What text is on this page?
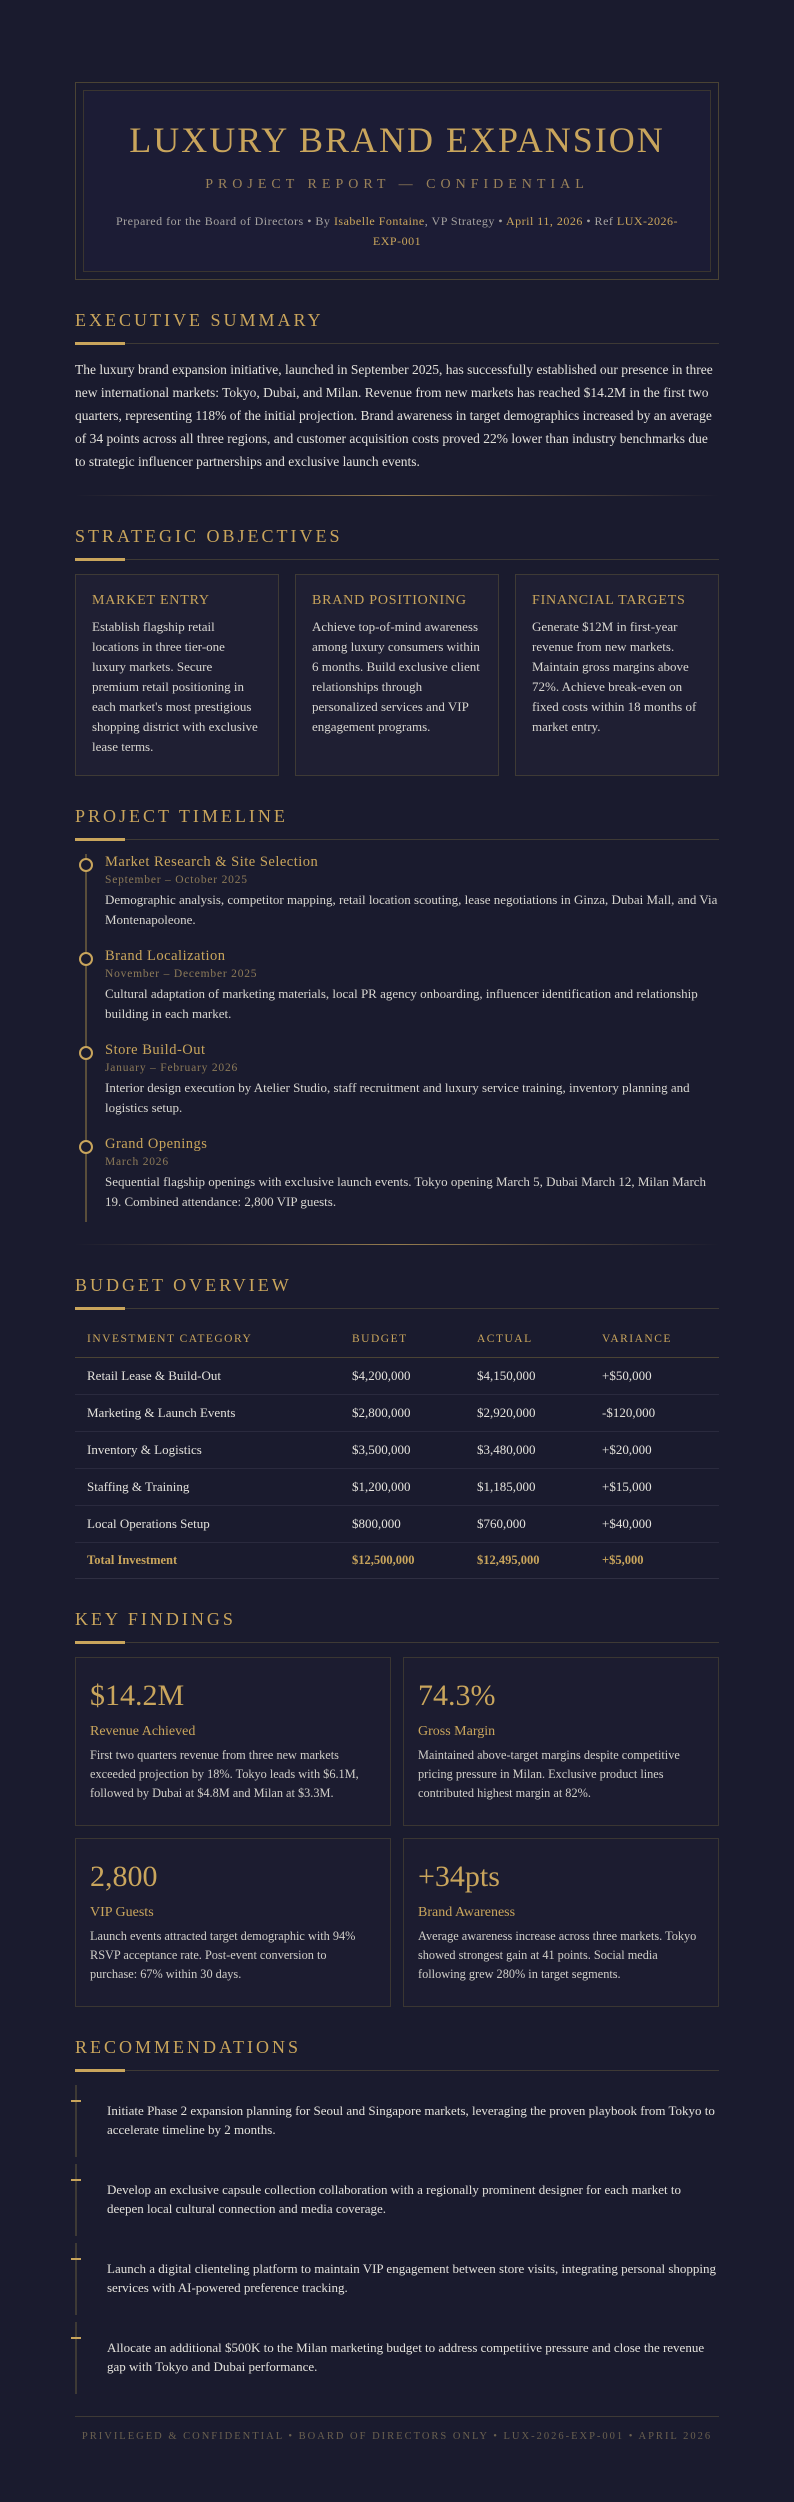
LUXURY BRAND EXPANSION
PROJECT REPORT — CONFIDENTIAL
Prepared for the Board of Directors • By Isabelle Fontaine, VP Strategy • April 11, 2026 • Ref LUX-2026-EXP-001
EXECUTIVE SUMMARY

The luxury brand expansion initiative, launched in September 2025, has successfully established our presence in three new international markets: Tokyo, Dubai, and Milan. Revenue from new markets has reached $14.2M in the first two quarters, representing 118% of the initial projection. Brand awareness in target demographics increased by an average of 34 points across all three regions, and customer acquisition costs proved 22% lower than industry benchmarks due to strategic influencer partnerships and exclusive launch events.

STRATEGIC OBJECTIVES
MARKET ENTRY
Establish flagship retail locations in three tier-one luxury markets. Secure premium retail positioning in each market's most prestigious shopping district with exclusive lease terms.
BRAND POSITIONING
Achieve top-of-mind awareness among luxury consumers within 6 months. Build exclusive client relationships through personalized services and VIP engagement programs.
FINANCIAL TARGETS
Generate $12M in first-year revenue from new markets. Maintain gross margins above 72%. Achieve break-even on fixed costs within 18 months of market entry.
PROJECT TIMELINE
Market Research & Site Selection
September – October 2025
Demographic analysis, competitor mapping, retail location scouting, lease negotiations in Ginza, Dubai Mall, and Via Montenapoleone.
Brand Localization
November – December 2025
Cultural adaptation of marketing materials, local PR agency onboarding, influencer identification and relationship building in each market.
Store Build-Out
January – February 2026
Interior design execution by Atelier Studio, staff recruitment and luxury service training, inventory planning and logistics setup.
Grand Openings
March 2026
Sequential flagship openings with exclusive launch events. Tokyo opening March 5, Dubai March 12, Milan March 19. Combined attendance: 2,800 VIP guests.
BUDGET OVERVIEW
INVESTMENT CATEGORY	BUDGET	ACTUAL	VARIANCE
Retail Lease & Build-Out	$4,200,000	$4,150,000	+$50,000
Marketing & Launch Events	$2,800,000	$2,920,000	-$120,000
Inventory & Logistics	$3,500,000	$3,480,000	+$20,000
Staffing & Training	$1,200,000	$1,185,000	+$15,000
Local Operations Setup	$800,000	$760,000	+$40,000
Total Investment	$12,500,000	$12,495,000	+$5,000
KEY FINDINGS
$14.2M
Revenue Achieved
First two quarters revenue from three new markets exceeded projection by 18%. Tokyo leads with $6.1M, followed by Dubai at $4.8M and Milan at $3.3M.
74.3%
Gross Margin
Maintained above-target margins despite competitive pricing pressure in Milan. Exclusive product lines contributed highest margin at 82%.
2,800
VIP Guests
Launch events attracted target demographic with 94% RSVP acceptance rate. Post-event conversion to purchase: 67% within 30 days.
+34pts
Brand Awareness
Average awareness increase across three markets. Tokyo showed strongest gain at 41 points. Social media following grew 280% in target segments.
RECOMMENDATIONS
Initiate Phase 2 expansion planning for Seoul and Singapore markets, leveraging the proven playbook from Tokyo to accelerate timeline by 2 months.
Develop an exclusive capsule collection collaboration with a regionally prominent designer for each market to deepen local cultural connection and media coverage.
Launch a digital clienteling platform to maintain VIP engagement between store visits, integrating personal shopping services with AI-powered preference tracking.
Allocate an additional $500K to the Milan marketing budget to address competitive pressure and close the revenue gap with Tokyo and Dubai performance.
PRIVILEGED & CONFIDENTIAL • BOARD OF DIRECTORS ONLY • LUX-2026-EXP-001 • APRIL 2026
